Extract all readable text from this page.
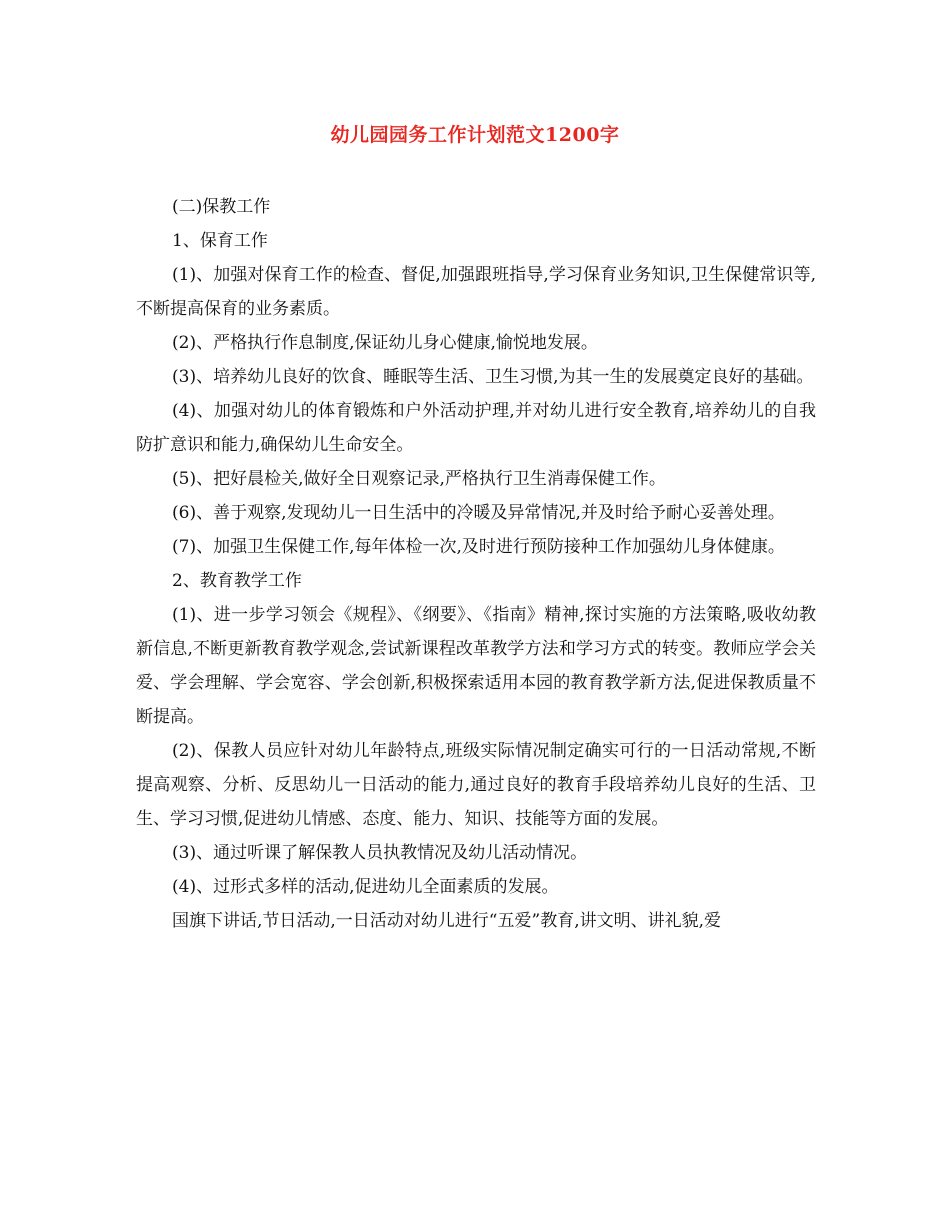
幼儿园园务工作计划范文1200字

(二)保教工作

1、保育工作

(1)、加强对保育工作的检查、督促,加强跟班指导,学习保育业务知识,卫生保健常识等,不断提高保育的业务素质。

(2)、严格执行作息制度,保证幼儿身心健康,愉悦地发展。

(3)、培养幼儿良好的饮食、睡眠等生活、卫生习惯,为其一生的发展奠定良好的基础。

(4)、加强对幼儿的体育锻炼和户外活动护理,并对幼儿进行安全教育,培养幼儿的自我防扩意识和能力,确保幼儿生命安全。

(5)、把好晨检关,做好全日观察记录,严格执行卫生消毒保健工作。

(6)、善于观察,发现幼儿一日生活中的冷暖及异常情况,并及时给予耐心妥善处理。

(7)、加强卫生保健工作,每年体检一次,及时进行预防接种工作加强幼儿身体健康。

2、教育教学工作

(1)、进一步学习领会《规程》、《纲要》、《指南》精神,探讨实施的方法策略,吸收幼教新信息,不断更新教育教学观念,尝试新课程改革教学方法和学习方式的转变。教师应学会关爱、学会理解、学会宽容、学会创新,积极探索适用本园的教育教学新方法,促进保教质量不断提高。

(2)、保教人员应针对幼儿年龄特点,班级实际情况制定确实可行的一日活动常规,不断提高观察、分析、反思幼儿一日活动的能力,通过良好的教育手段培养幼儿良好的生活、卫生、学习习惯,促进幼儿情感、态度、能力、知识、技能等方面的发展。

(3)、通过听课了解保教人员执教情况及幼儿活动情况。

(4)、过形式多样的活动,促进幼儿全面素质的发展。

国旗下讲话,节日活动,一日活动对幼儿进行“五爱”教育,讲文明、讲礼貌,爱
